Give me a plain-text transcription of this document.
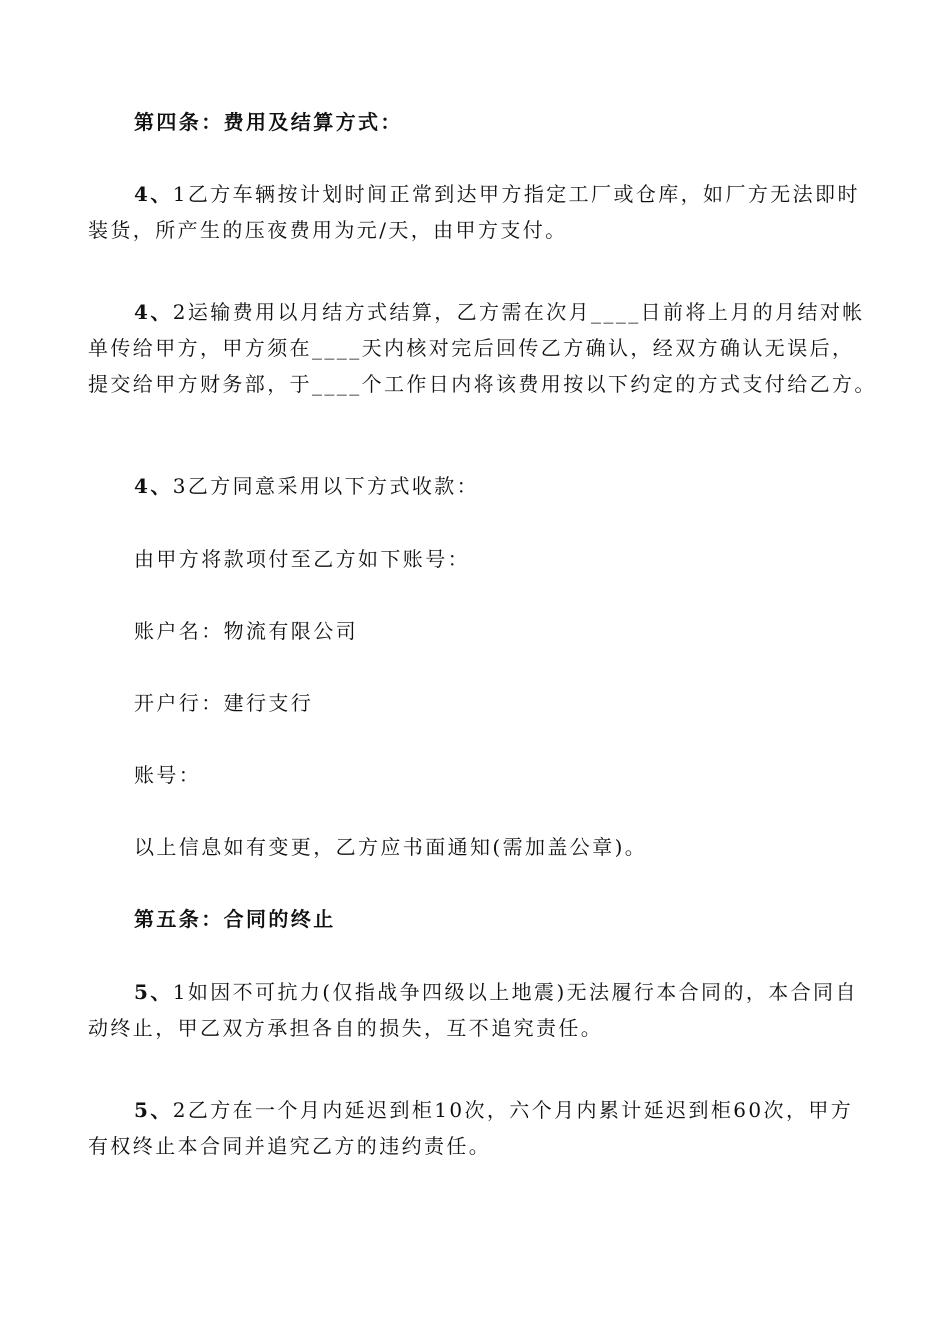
第四条：费用及结算方式：

4、1乙方车辆按计划时间正常到达甲方指定工厂或仓库，如厂方无法即时
装货，所产生的压夜费用为元/天，由甲方支付。

4、2运输费用以月结方式结算，乙方需在次月____日前将上月的月结对帐
单传给甲方，甲方须在____天内核对完后回传乙方确认，经双方确认无误后，
提交给甲方财务部，于____个工作日内将该费用按以下约定的方式支付给乙方。

4、3乙方同意采用以下方式收款：

由甲方将款项付至乙方如下账号：

账户名：物流有限公司

开户行：建行支行

账号：

以上信息如有变更，乙方应书面通知(需加盖公章)。

第五条：合同的终止

5、1如因不可抗力(仅指战争四级以上地震)无法履行本合同的，本合同自
动终止，甲乙双方承担各自的损失，互不追究责任。

5、2乙方在一个月内延迟到柜10次，六个月内累计延迟到柜60次，甲方
有权终止本合同并追究乙方的违约责任。
